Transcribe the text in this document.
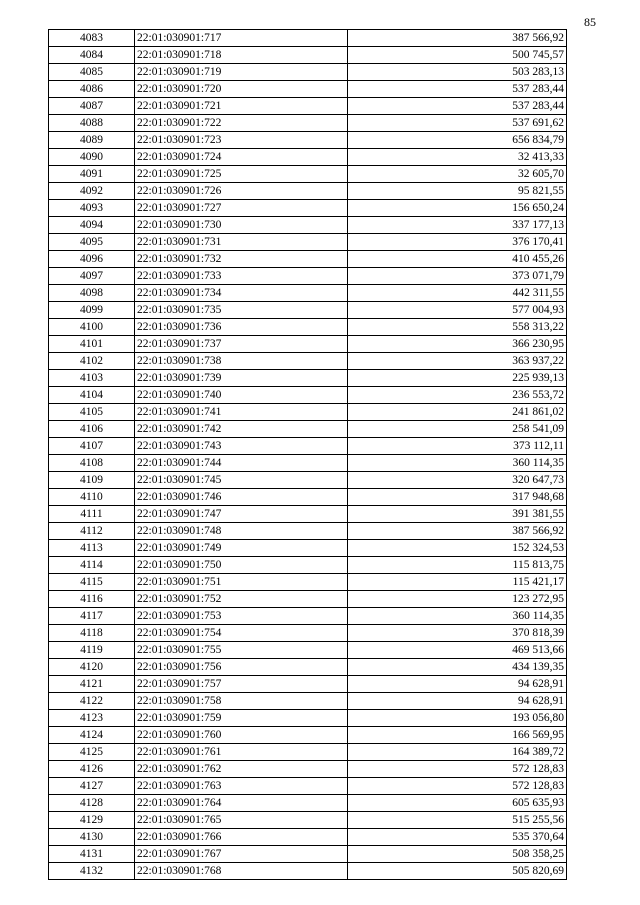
85
4083	22:01:030901:717	387 566,92
4084	22:01:030901:718	500 745,57
4085	22:01:030901:719	503 283,13
4086	22:01:030901:720	537 283,44
4087	22:01:030901:721	537 283,44
4088	22:01:030901:722	537 691,62
4089	22:01:030901:723	656 834,79
4090	22:01:030901:724	32 413,33
4091	22:01:030901:725	32 605,70
4092	22:01:030901:726	95 821,55
4093	22:01:030901:727	156 650,24
4094	22:01:030901:730	337 177,13
4095	22:01:030901:731	376 170,41
4096	22:01:030901:732	410 455,26
4097	22:01:030901:733	373 071,79
4098	22:01:030901:734	442 311,55
4099	22:01:030901:735	577 004,93
4100	22:01:030901:736	558 313,22
4101	22:01:030901:737	366 230,95
4102	22:01:030901:738	363 937,22
4103	22:01:030901:739	225 939,13
4104	22:01:030901:740	236 553,72
4105	22:01:030901:741	241 861,02
4106	22:01:030901:742	258 541,09
4107	22:01:030901:743	373 112,11
4108	22:01:030901:744	360 114,35
4109	22:01:030901:745	320 647,73
4110	22:01:030901:746	317 948,68
4111	22:01:030901:747	391 381,55
4112	22:01:030901:748	387 566,92
4113	22:01:030901:749	152 324,53
4114	22:01:030901:750	115 813,75
4115	22:01:030901:751	115 421,17
4116	22:01:030901:752	123 272,95
4117	22:01:030901:753	360 114,35
4118	22:01:030901:754	370 818,39
4119	22:01:030901:755	469 513,66
4120	22:01:030901:756	434 139,35
4121	22:01:030901:757	94 628,91
4122	22:01:030901:758	94 628,91
4123	22:01:030901:759	193 056,80
4124	22:01:030901:760	166 569,95
4125	22:01:030901:761	164 389,72
4126	22:01:030901:762	572 128,83
4127	22:01:030901:763	572 128,83
4128	22:01:030901:764	605 635,93
4129	22:01:030901:765	515 255,56
4130	22:01:030901:766	535 370,64
4131	22:01:030901:767	508 358,25
4132	22:01:030901:768	505 820,69
